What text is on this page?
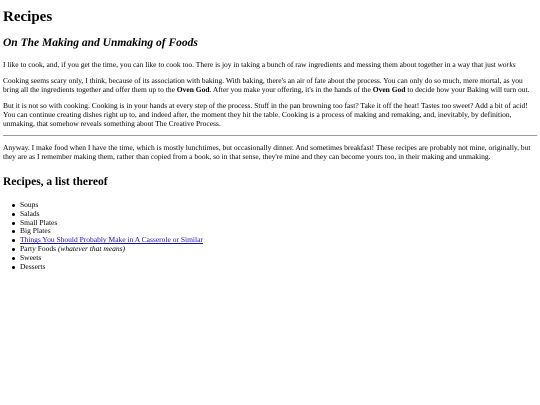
Recipes
On The Making and Unmaking of Foods

I like to cook, and, if you get the time, you can like to cook too. There is joy in taking a bunch of raw ingredients and messing them about together in a way that just works

Cooking seems scary only, I think, because of its association with baking. With baking, there's an air of fate about the process. You can only do so much, mere mortal, as you bring all the ingredients together and offer them up to the Oven God. After you make your offering, it's in the hands of the Oven God to decide how your Baking will turn out.

But it is not so with cooking. Cooking is in your hands at every step of the process. Stuff in the pan browning too fast? Take it off the heat! Tastes too sweet? Add a bit of acid! You can continue creating dishes right up to, and indeed after, the moment they hit the table. Cooking is a process of making and remaking, and, inevitably, by definition, unmaking, that somehow reveals something about The Creative Process.

Anyway. I make food when I have the time, which is mostly lunchtimes, but occasionally dinner. And sometimes breakfast! These recipes are probably not mine, originally, but they are as I remember making them, rather than copied from a book, so in that sense, they're mine and they can become yours too, in their making and unmaking.

Recipes, a list thereof
Soups
Salads
Small Plates
Big Plates
Things You Should Probably Make in A Casserole or Similar
Party Foods (whatever that means)
Sweets
Desserts
